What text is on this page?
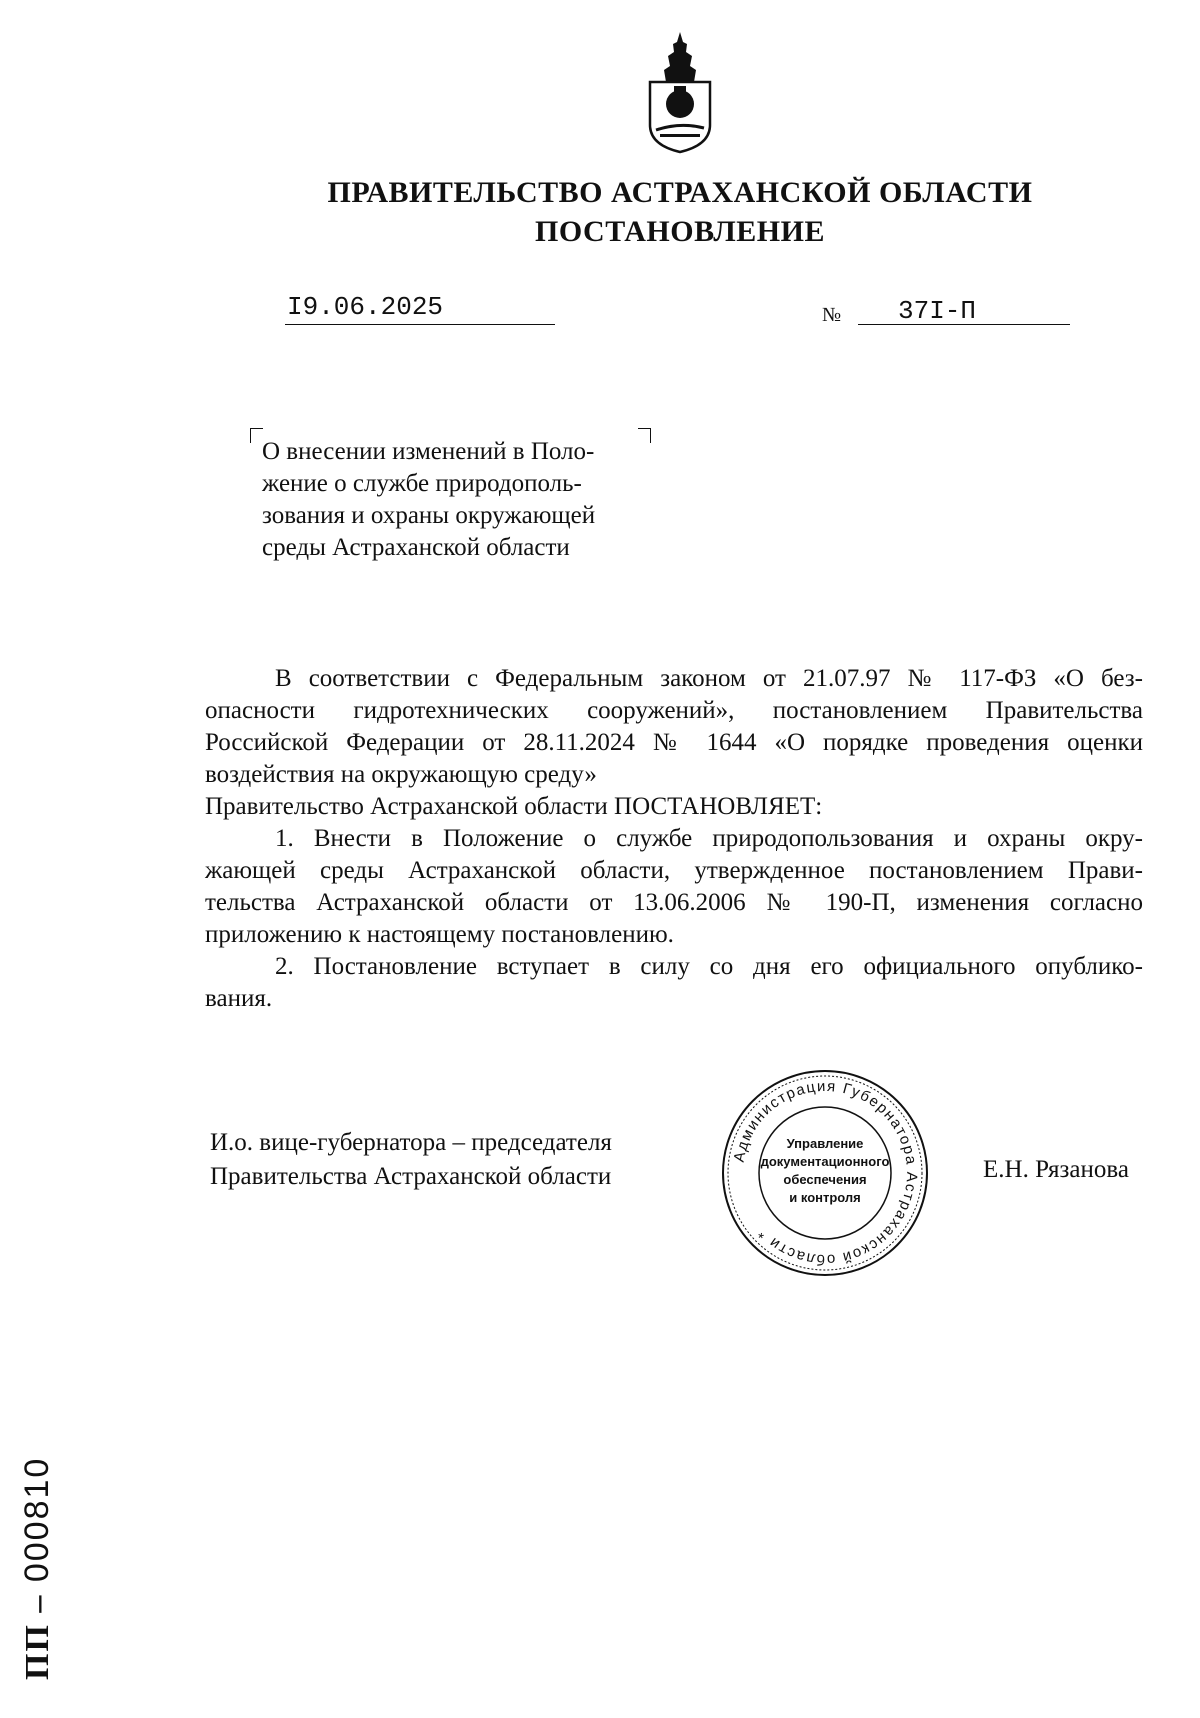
ПРАВИТЕЛЬСТВО АСТРАХАНСКОЙ ОБЛАСТИ
ПОСТАНОВЛЕНИЕ
I9.06.2025	№ 37I-П
О внесении изменений в Поло-
жение о службе природополь-
зования и охраны окружающей
среды Астраханской области

В соответствии с Федеральным законом от 21.07.97 № 117-ФЗ «О без-

опасности гидротехнических сооружений», постановлением Правительства

Российской Федерации от 28.11.2024 № 1644 «О порядке проведения оценки

воздействия на окружающую среду»

Правительство Астраханской области ПОСТАНОВЛЯЕТ:

1. Внести в Положение о службе природопользования и охраны окру-

жающей среды Астраханской области, утвержденное постановлением Прави-

тельства Астраханской области от 13.06.2006 № 190-П, изменения согласно

приложению к настоящему постановлению.

2. Постановление вступает в силу со дня его официального опублико-

вания.

И.о. вице-губернатора – председателя
Правительства Астраханской области	Е.Н. Рязанова
Администрация Губернатора Астраханской области *
Управление
документационного
обеспечения
и контроля
ПП – 000810
